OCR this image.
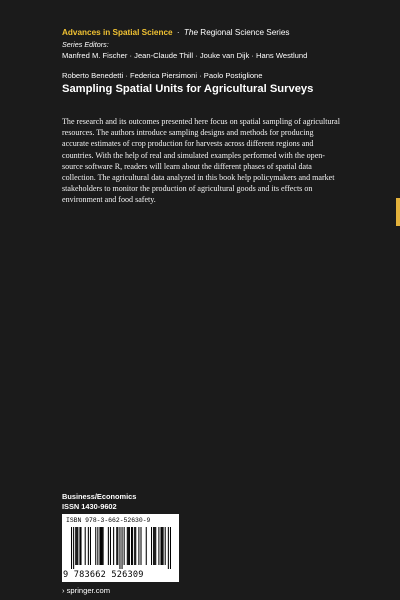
Advances in Spatial Science · The Regional Science Series
Series Editors:
Manfred M. Fischer · Jean-Claude Thill · Jouke van Dijk · Hans Westlund
Roberto Benedetti · Federica Piersimoni · Paolo Postiglione
Sampling Spatial Units for Agricultural Surveys
The research and its outcomes presented here focus on spatial sampling of agricultural resources. The authors introduce sampling designs and methods for producing accurate estimates of crop production for harvests across different regions and countries. With the help of real and simulated examples performed with the open-source software R, readers will learn about the different phases of spatial data collection. The agricultural data analyzed in this book help policymakers and market stakeholders to monitor the production of agricultural goods and its effects on environment and food safety.
Business/Economics
ISSN 1430-9602
ISBN 978-3-662-52630-9
9 783662 526309
› springer.com
